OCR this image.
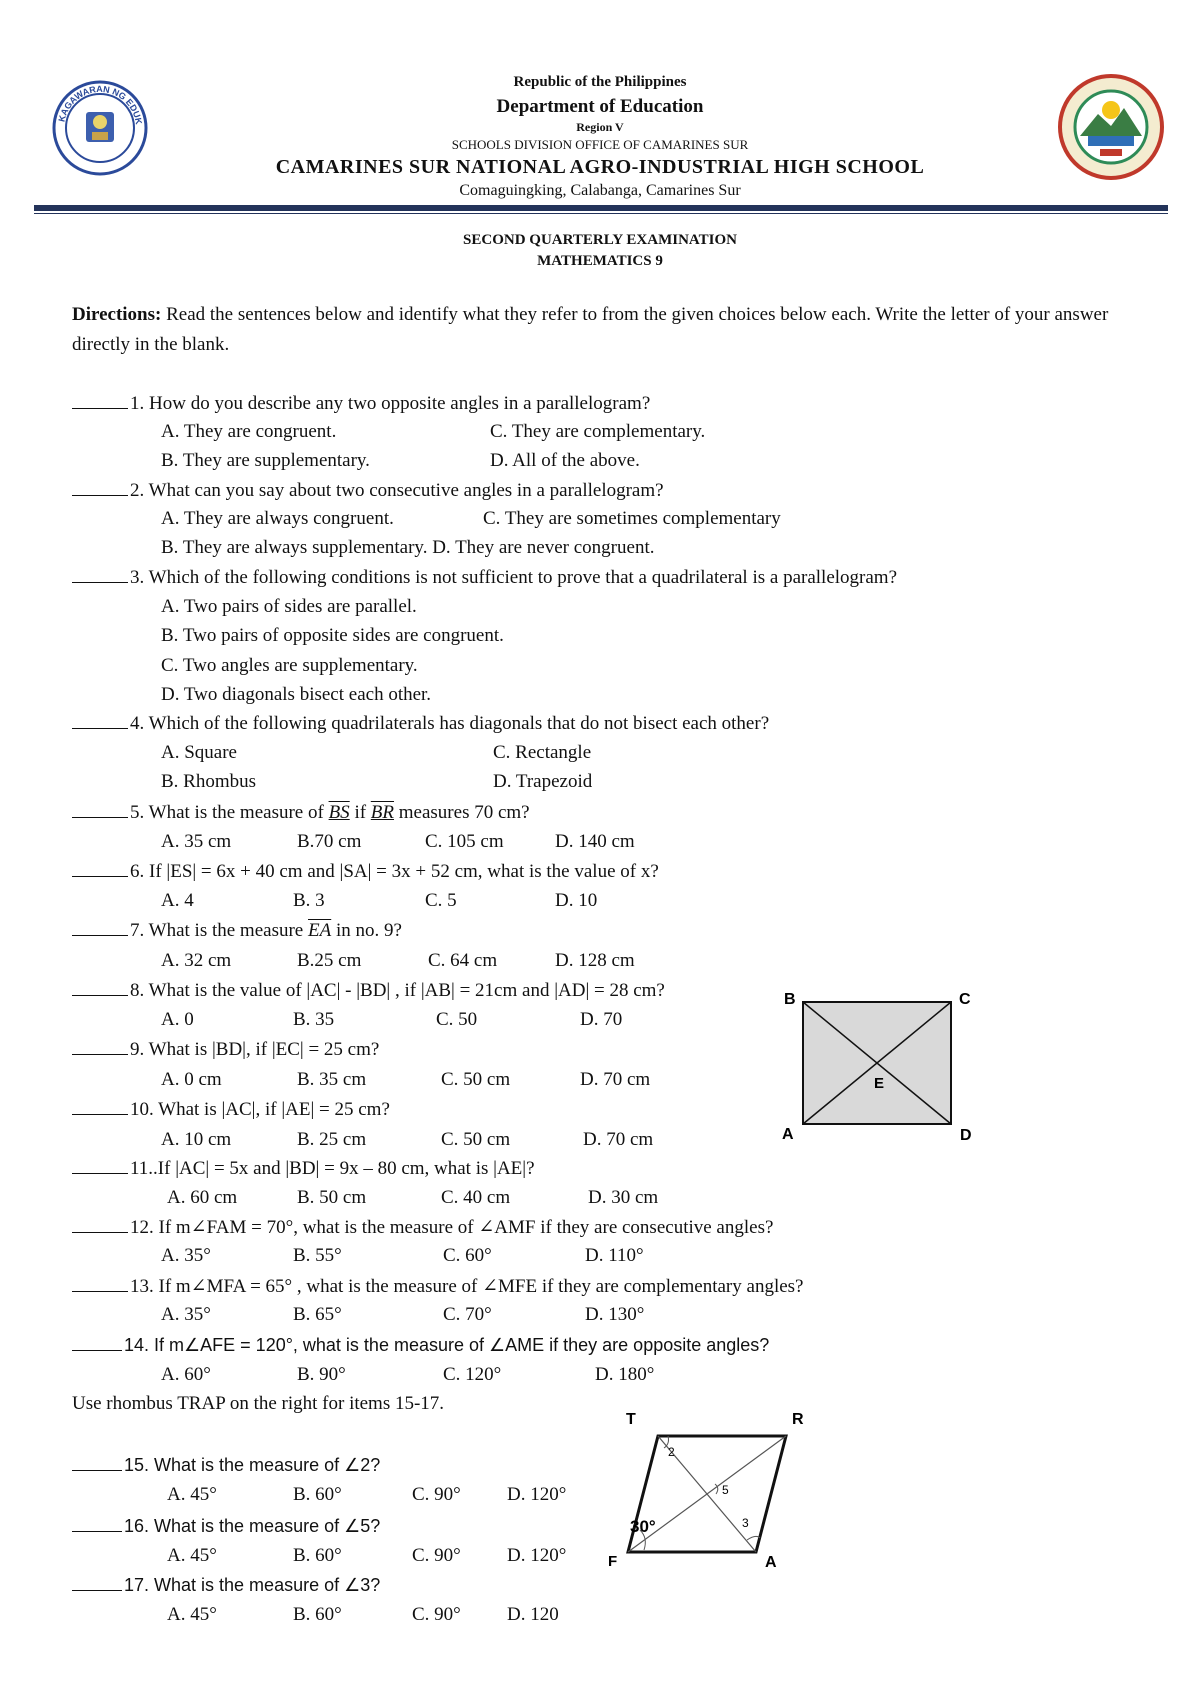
KAGAWARAN NG EDUK
Republic of the Philippines
Department of Education
Region V
SCHOOLS DIVISION OFFICE OF CAMARINES SUR
CAMARINES SUR NATIONAL AGRO-INDUSTRIAL HIGH SCHOOL
Comaguingking, Calabanga, Camarines Sur
SECOND QUARTERLY EXAMINATION
MATHEMATICS 9
Directions: Read the sentences below and identify what they refer to from the given choices below each. Write the letter of your answer directly in the blank.
1. How do you describe any two opposite angles in a parallelogram?
A. They are congruent.	C. They are complementary.
B. They are supplementary.	D. All of the above.
2. What can you say about two consecutive angles in a parallelogram?
A. They are always congruent.	C. They are sometimes complementary
B. They are always supplementary. D. They are never congruent.
3. Which of the following conditions is not sufficient to prove that a quadrilateral is a parallelogram?
A. Two pairs of sides are parallel.
B. Two pairs of opposite sides are congruent.
C. Two angles are supplementary.
D. Two diagonals bisect each other.
4. Which of the following quadrilaterals has diagonals that do not bisect each other?
A. Square	C. Rectangle
B. Rhombus	D. Trapezoid
5. What is the measure of BS if BR measures 70 cm?
A. 35 cm	B.70 cm	C. 105 cm	D. 140 cm
6. If |ES| = 6x + 40 cm and |SA| = 3x + 52 cm, what is the value of x?
A. 4	B. 3	C. 5	D. 10
7. What is the measure $\overline{EA}$ in no. 9?
A. 32 cm	B.25 cm	C. 64 cm	D. 128 cm
8. What is the value of |AC| - |BD| , if |AB| = 21cm and |AD| = 28 cm?
A. 0	B. 35	C. 50	D. 70
9. What is |BD|, if |EC| = 25 cm?
A. 0 cm	B. 35 cm	C. 50 cm	D. 70 cm
10. What is |AC|, if |AE| = 25 cm?
A. 10 cm	B. 25 cm	C. 50 cm	D. 70 cm
11..If |AC| = 5x and |BD| = 9x – 80 cm, what is |AE|?
A. 60 cm	B. 50 cm	C. 40 cm	D. 30 cm
12. If m∠FAM = 70°, what is the measure of ∠AMF if they are consecutive angles?
A. 35°	B. 55°	C. 60°	D. 110°
13. If m∠MFA = 65° , what is the measure of ∠MFE if they are complementary angles?
A. 35°	B. 65°	C. 70°	D. 130°
14. If m∠AFE = 120°, what is the measure of ∠AME if they are opposite angles?
A. 60°	B. 90°	C. 120°	D. 180°
Use rhombus TRAP on the right for items 15-17.
15. What is the measure of ∠2?
A. 45°	B. 60°	C. 90° D. 120°
16. What is the measure of ∠5?
A. 45°	B. 60°	C. 90° D. 120°
17. What is the measure of ∠3?
A. 45°	B. 60°	C. 90° D. 120
B	C
E
A	D
T	R
F	A
2
5
3
30°
